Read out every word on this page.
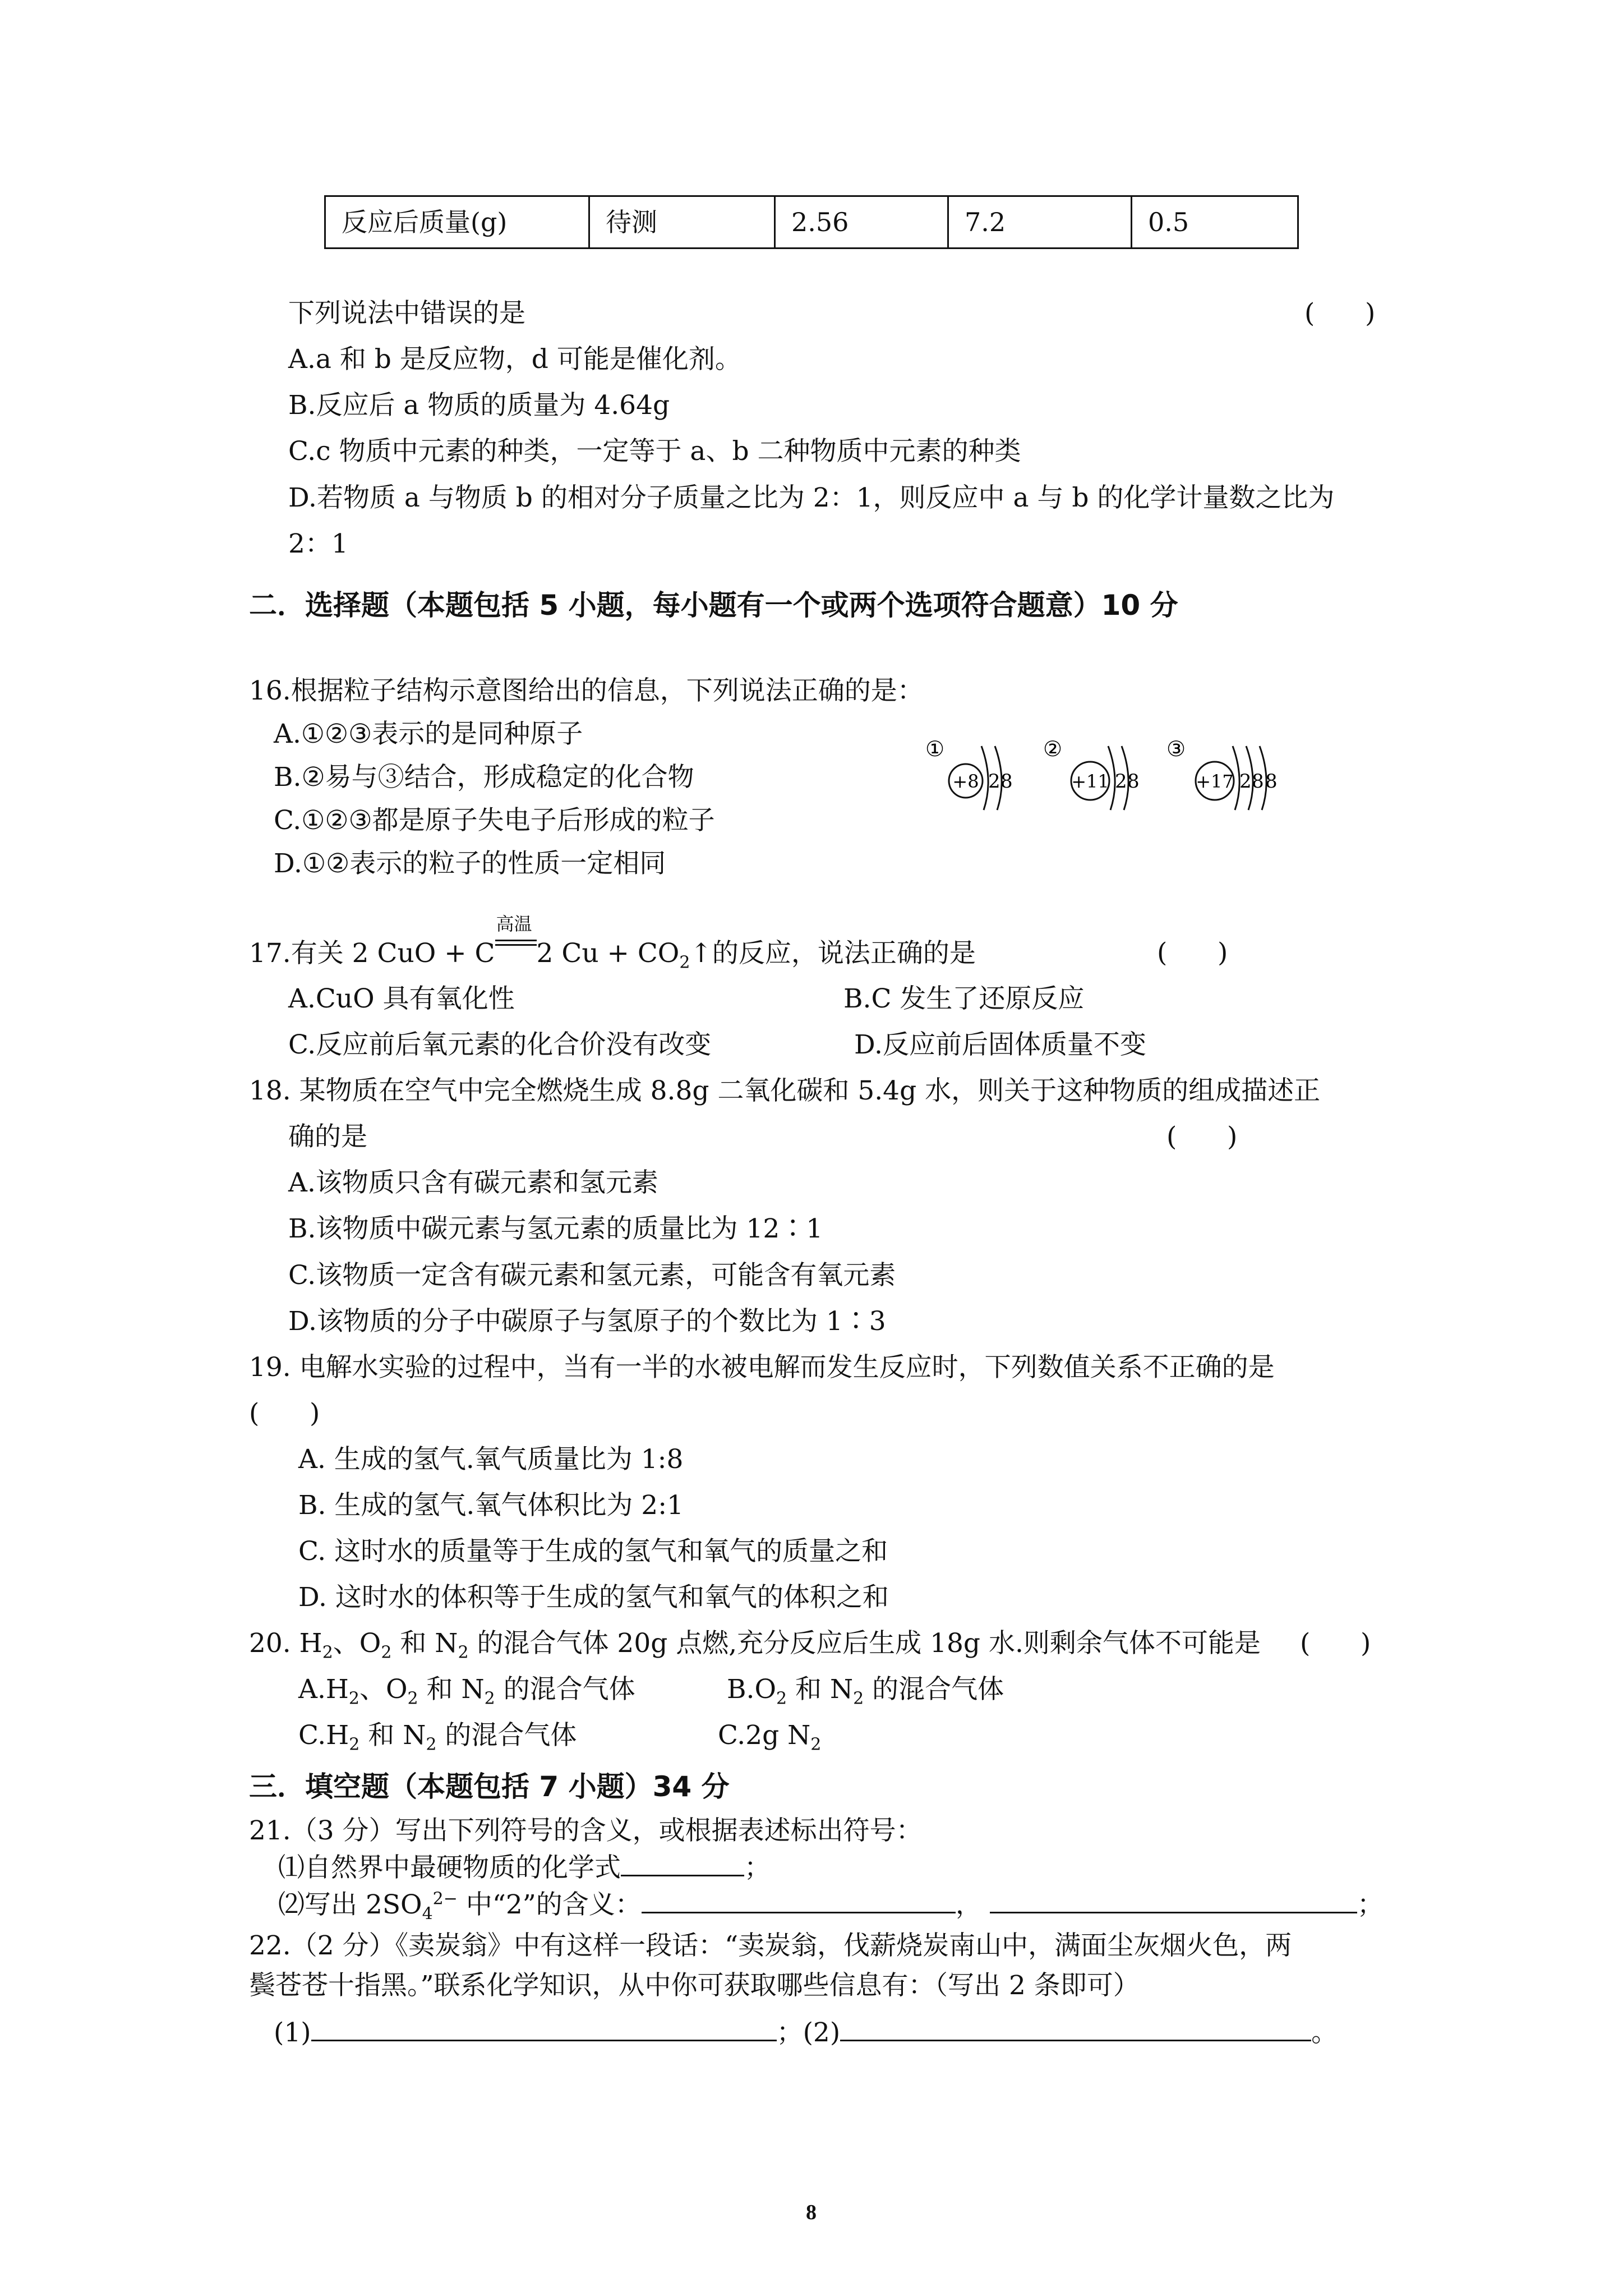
反应后质量(g)	待测	2.56	7.2	0.5
下列说法中错误的是	(      )
A.a 和 b 是反应物，d 可能是催化剂。
B.反应后 a 物质的质量为 4.64g
C.c 物质中元素的种类，一定等于 a、b 二种物质中元素的种类
D.若物质 a 与物质 b 的相对分子质量之比为 2：1，则反应中 a 与 b 的化学计量数之比为
2：1
二．选择题（本题包括 5 小题，每小题有一个或两个选项符合题意）10 分
16.根据粒子结构示意图给出的信息，下列说法正确的是：
A.①②③表示的是同种原子
B.②易与③结合，形成稳定的化合物
C.①②③都是原子失电子后形成的粒子
D.①②表示的粒子的性质一定相同
①
+8 2 8
②
+11 2 8
③
+17 2 8 8
17.有关 2 CuO + C
高温
2 $Cu + CO_2↑$的反应，说法正确的是	(      )
A.CuO 具有氧化性	B.C 发生了还原反应
C.反应前后氧元素的化合价没有改变	D.反应前后固体质量不变
18. 某物质在空气中完全燃烧生成 8.8g 二氧化碳和 5.4g 水，则关于这种物质的组成描述正
确的是	(      )
A.该物质只含有碳元素和氢元素
B.该物质中碳元素与氢元素的质量比为 12∶1
C.该物质一定含有碳元素和氢元素，可能含有氧元素
D.该物质的分子中碳原子与氢原子的个数比为 1∶3
19. 电解水实验的过程中，当有一半的水被电解而发生反应时，下列数值关系不正确的是
(      )
A. 生成的氢气.氧气质量比为 1:8
B. 生成的氢气.氧气体积比为 2:1
C. 这时水的质量等于生成的氢气和氧气的质量之和
D. 这时水的体积等于生成的氢气和氧气的体积之和
20. $H_2$、$O_2$ 和 $N_2$ 的混合气体 20g 点燃,充分反应后生成 18g 水.则剩余气体不可能是 (      )
$A.H_2$、$O_2$ 和 $N_2$ 的混合气体	$B.O_2$ 和 $N_2$ 的混合气体
$C.H_2$ 和 $N_2$ 的混合气体	C.2g $N_2$
三．填空题（本题包括 7 小题）34 分
21.（3 分）写出下列符号的含义，或根据表述标出符号：
⑴自然界中最硬物质的化学式	；
⑵写出 $2SO_4^{2-}$ 中“2”的含义：	，	；
22.（2 分）《卖炭翁》中有这样一段话：“卖炭翁，伐薪烧炭南山中，满面尘灰烟火色，两
鬓苍苍十指黑。”联系化学知识，从中你可获取哪些信息有：（写出 2 条即可）
(1)	；(2)	。
8
